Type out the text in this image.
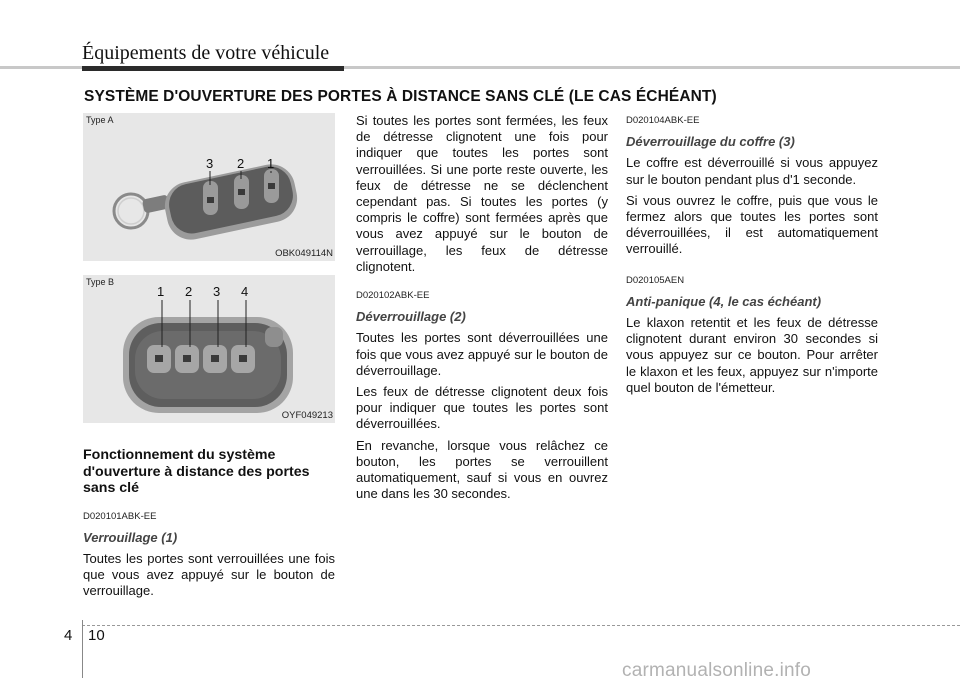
Équipements de votre véhicule
SYSTÈME D'OUVERTURE DES PORTES À DISTANCE SANS CLÉ (LE CAS ÉCHÉANT)
Type A
3 2 1
OBK049114N
Type B
1 2 3 4
OYF049213
Fonctionnement du système d'ouverture à distance des portes sans clé

D020101ABK-EE

Verrouillage (1)

Toutes les portes sont verrouillées une fois que vous avez appuyé sur le bouton de verrouillage.

Si toutes les portes sont fermées, les feux de détresse clignotent une fois pour indiquer que toutes les portes sont verrouillées. Si une porte reste ouverte, les feux de détresse ne se déclenchent cependant pas. Si toutes les portes (y compris le coffre) sont fermées après que vous avez appuyé sur le bouton de verrouillage, les feux de détresse clignotent.

D020102ABK-EE

Déverrouillage (2)

Toutes les portes sont déverrouillées une fois que vous avez appuyé sur le bouton de déverrouillage.

Les feux de détresse clignotent deux fois pour indiquer que toutes les portes sont déverrouillées.

En revanche, lorsque vous relâchez ce bouton, les portes se verrouillent automatiquement, sauf si vous en ouvrez une dans les 30 secondes.

D020104ABK-EE

Déverrouillage du coffre (3)

Le coffre est déverrouillé si vous appuyez sur le bouton pendant plus d'1 seconde.

Si vous ouvrez le coffre, puis que vous le fermez alors que toutes les portes sont déverrouillées, il est automatiquement verrouillé.

D020105AEN

Anti-panique (4, le cas échéant)

Le klaxon retentit et les feux de détresse clignotent durant environ 30 secondes si vous appuyez sur ce bouton. Pour arrêter le klaxon et les feux, appuyez sur n'importe quel bouton de l'émetteur.

4 10
carmanualsonline.info
